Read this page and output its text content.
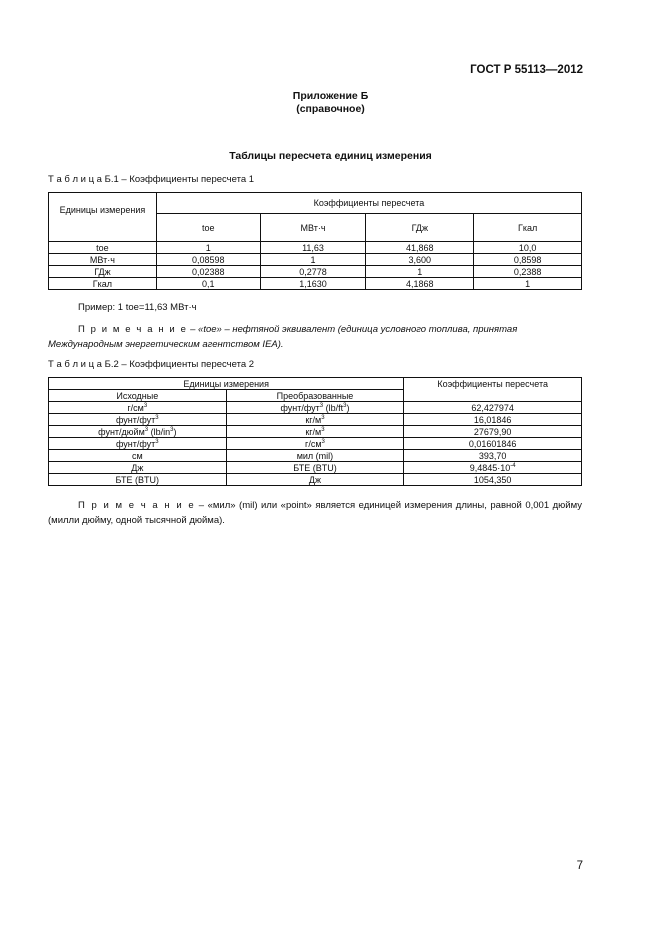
ГОСТ Р 55113—2012
Приложение Б
(справочное)
Таблицы пересчета единиц измерения
Т а б л и ц а Б.1 – Коэффициенты пересчета 1
Единицы измерения	Коэффициенты пересчета			
	toe	МВт·ч	ГДж	Гкал
toe	1	11,63	41,868	10,0
МВт·ч	0,08598	1	3,600	0,8598
ГДж	0,02388	0,2778	1	0,2388
Гкал	0,1	1,1630	4,1868	1
Пример: 1 toe=11,63 МВт·ч
П р и м е ч а н и е – «toe» – нефтяной эквивалент (единица условного топлива, принятая Международным энергетическим агентством IEA).
Т а б л и ц а Б.2 – Коэффициенты пересчета 2
Единицы измерения		Коэффициенты пересчета
Исходные	Преобразованные	
$г/см^3$	фунт/фут$^3$ $(lb/ft^3)$	62,427974
фунт/фут$^3$	$кг/м^3$	16,01846
фунт/дюйм$^3$ $(lb/in^3)$	$кг/м^3$	27679,90
фунт/фут$^3$	$г/см^3$	0,01601846
см	мил (mil)	393,70
Дж	БТЕ (BTU)	$9,4845\cdot 10^{-4}$
БТЕ (BTU)	Дж	1054,350
П р и м е ч а н и е – «мил» (mil) или «point» является единицей измерения длины, равной 0,001 дюйму (милли дюйму, одной тысячной дюйма).
7
